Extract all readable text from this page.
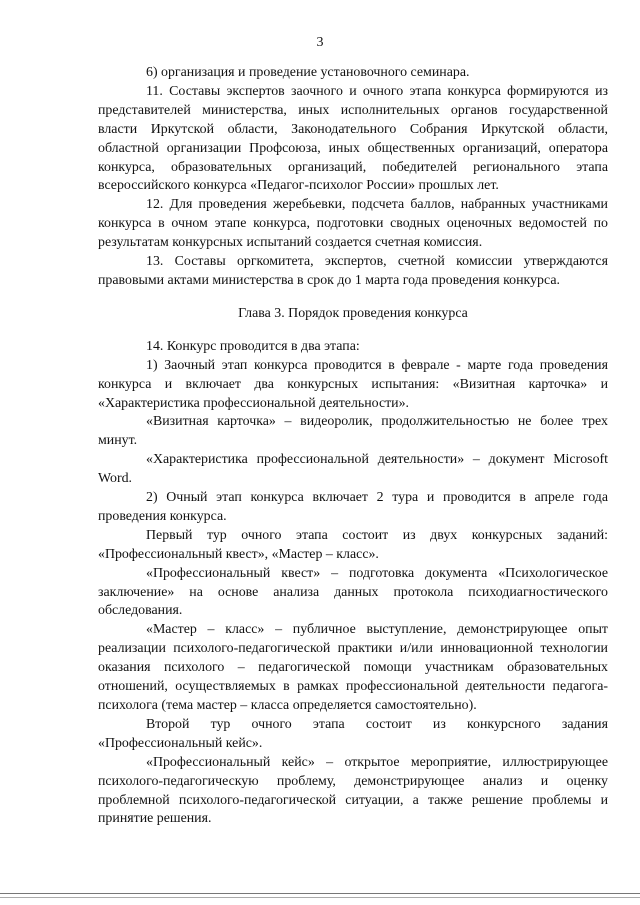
3

6) организация и проведение установочного семинара.

11. Составы экспертов заочного и очного этапа конкурса формируются из представителей министерства, иных исполнительных органов государственной власти Иркутской области, Законодательного Собрания Иркутской области, областной организации Профсоюза, иных общественных организаций, оператора конкурса, образовательных организаций, победителей регионального этапа всероссийского конкурса «Педагог-психолог России» прошлых лет.

12. Для проведения жеребьевки, подсчета баллов, набранных участниками конкурса в очном этапе конкурса, подготовки сводных оценочных ведомостей по результатам конкурсных испытаний создается счетная комиссия.

13. Составы оргкомитета, экспертов, счетной комиссии утверждаются правовыми актами министерства в срок до 1 марта года проведения конкурса.

Глава 3. Порядок проведения конкурса

14. Конкурс проводится в два этапа:

1) Заочный этап конкурса проводится в феврале - марте года проведения конкурса и включает два конкурсных испытания: «Визитная карточка» и «Характеристика профессиональной деятельности».

«Визитная карточка» – видеоролик, продолжительностью не более трех минут.

«Характеристика профессиональной деятельности» – документ Microsoft Word.

2) Очный этап конкурса включает 2 тура и проводится в апреле года проведения конкурса.

Первый тур очного этапа состоит из двух конкурсных заданий: «Профессиональный квест», «Мастер – класс».

«Профессиональный квест» – подготовка документа «Психологическое заключение» на основе анализа данных протокола психодиагностического обследования.

«Мастер – класс» – публичное выступление, демонстрирующее опыт реализации психолого-педагогической практики и/или инновационной технологии оказания психолого – педагогической помощи участникам образовательных отношений, осуществляемых в рамках профессиональной деятельности педагога-психолога (тема мастер – класса определяется самостоятельно).

Второй тур очного этапа состоит из конкурсного задания «Профессиональный кейс».

«Профессиональный кейс» – открытое мероприятие, иллюстрирующее психолого-педагогическую проблему, демонстрирующее анализ и оценку проблемной психолого-педагогической ситуации, а также решение проблемы и принятие решения.
